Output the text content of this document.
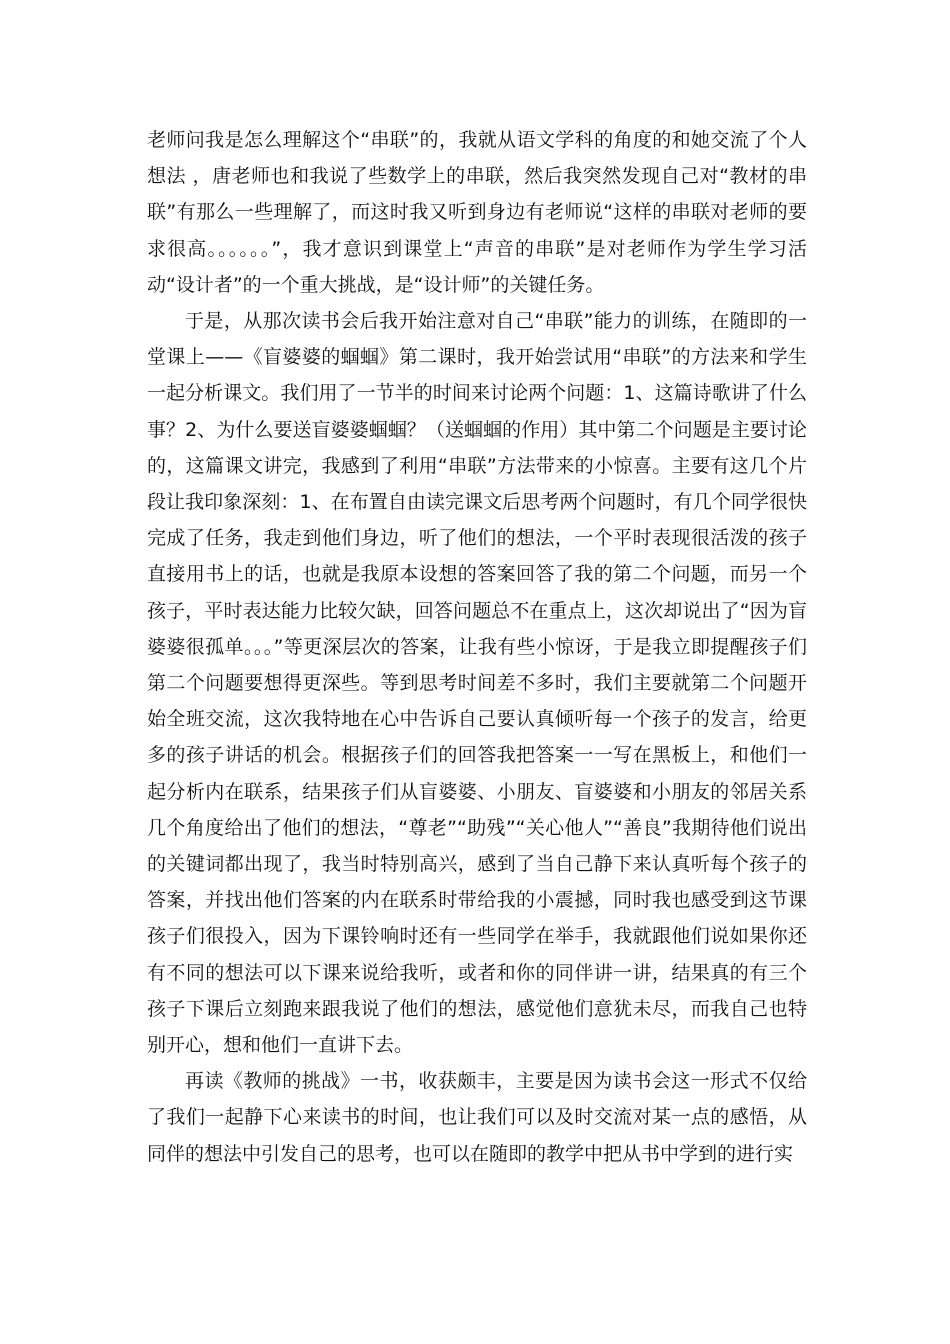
老师问我是怎么理解这个“串联”的，我就从语文学科的角度的和她交流了个人想法 ，唐老师也和我说了些数学上的串联，然后我突然发现自己对“教材的串联”有那么一些理解了，而这时我又听到身边有老师说“这样的串联对老师的要求很高。。。。。。”，我才意识到课堂上“声音的串联”是对老师作为学生学习活动“设计者”的一个重大挑战，是“设计师”的关键任务。

于是，从那次读书会后我开始注意对自己“串联”能力的训练，在随即的一堂课上——《盲婆婆的蝈蝈》第二课时，我开始尝试用“串联”的方法来和学生一起分析课文。我们用了一节半的时间来讨论两个问题：1、这篇诗歌讲了什么事？2、为什么要送盲婆婆蝈蝈？（送蝈蝈的作用）其中第二个问题是主要讨论的，这篇课文讲完，我感到了利用“串联”方法带来的小惊喜。主要有这几个片段让我印象深刻：1、在布置自由读完课文后思考两个问题时，有几个同学很快完成了任务，我走到他们身边，听了他们的想法，一个平时表现很活泼的孩子直接用书上的话，也就是我原本设想的答案回答了我的第二个问题，而另一个孩子，平时表达能力比较欠缺，回答问题总不在重点上，这次却说出了“因为盲婆婆很孤单。。。”等更深层次的答案，让我有些小惊讶，于是我立即提醒孩子们第二个问题要想得更深些。等到思考时间差不多时，我们主要就第二个问题开始全班交流，这次我特地在心中告诉自己要认真倾听每一个孩子的发言，给更多的孩子讲话的机会。根据孩子们的回答我把答案一一写在黑板上，和他们一起分析内在联系，结果孩子们从盲婆婆、小朋友、盲婆婆和小朋友的邻居关系几个角度给出了他们的想法，“尊老”“助残”“关心他人”“善良”我期待他们说出的关键词都出现了，我当时特别高兴，感到了当自己静下来认真听每个孩子的答案，并找出他们答案的内在联系时带给我的小震撼，同时我也感受到这节课孩子们很投入，因为下课铃响时还有一些同学在举手，我就跟他们说如果你还有不同的想法可以下课来说给我听，或者和你的同伴讲一讲，结果真的有三个孩子下课后立刻跑来跟我说了他们的想法，感觉他们意犹未尽，而我自己也特别开心，想和他们一直讲下去。

再读《教师的挑战》一书，收获颇丰，主要是因为读书会这一形式不仅给了我们一起静下心来读书的时间，也让我们可以及时交流对某一点的感悟，从同伴的想法中引发自己的思考，也可以在随即的教学中把从书中学到的进行实
